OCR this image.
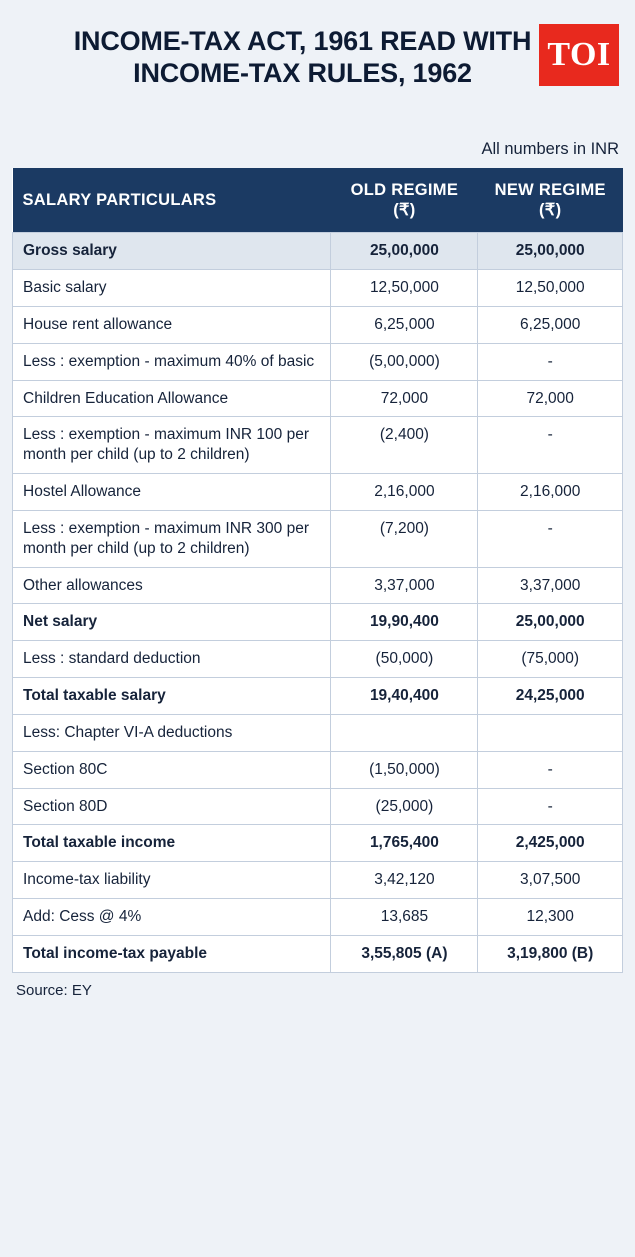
INCOME-TAX ACT, 1961 READ WITH INCOME-TAX RULES, 1962	TOI
All numbers in INR
SALARY PARTICULARS	OLD REGIME (₹)	NEW REGIME (₹)
Gross salary	25,00,000	25,00,000
Basic salary	12,50,000	12,50,000
House rent allowance	6,25,000	6,25,000
Less : exemption - maximum 40% of basic	(5,00,000)	-
Children Education Allowance	72,000	72,000
Less : exemption - maximum INR 100 per month per child (up to 2 children)	(2,400)	-
Hostel Allowance	2,16,000	2,16,000
Less : exemption - maximum INR 300 per month per child (up to 2 children)	(7,200)	-
Other allowances	3,37,000	3,37,000
Net salary	19,90,400	25,00,000
Less : standard deduction	(50,000)	(75,000)
Total taxable salary	19,40,400	24,25,000
Less: Chapter VI-A deductions		
Section 80C	(1,50,000)	-
Section 80D	(25,000)	-
Total taxable income	1,765,400	2,425,000
Income-tax liability	3,42,120	3,07,500
Add: Cess @ 4%	13,685	12,300
Total income-tax payable	3,55,805 (A)	3,19,800 (B)
Source: EY
